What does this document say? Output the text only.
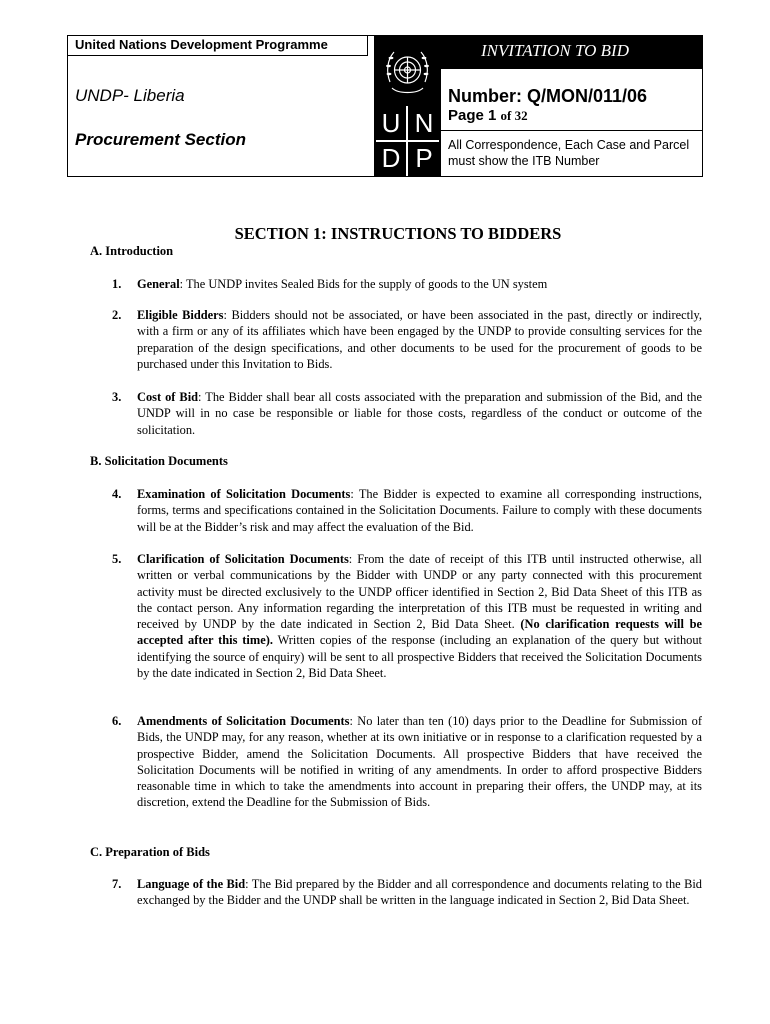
United Nations Development Programme
UNDP- Liberia
Procurement Section
U N
D P
INVITATION TO BID
Number: Q/MON/011/06
Page 1 of 32
All Correspondence, Each Case and Parcel must show the ITB Number
SECTION 1: INSTRUCTIONS TO BIDDERS
A. Introduction
1. General: The UNDP invites Sealed Bids for the supply of goods to the UN system
2. Eligible Bidders: Bidders should not be associated, or have been associated in the past, directly or indirectly, with a firm or any of its affiliates which have been engaged by the UNDP to provide consulting services for the preparation of the design specifications, and other documents to be used for the procurement of goods to be purchased under this Invitation to Bids.
3. Cost of Bid: The Bidder shall bear all costs associated with the preparation and submission of the Bid, and the UNDP will in no case be responsible or liable for those costs, regardless of the conduct or outcome of the solicitation.
B. Solicitation Documents
4. Examination of Solicitation Documents: The Bidder is expected to examine all corresponding instructions, forms, terms and specifications contained in the Solicitation Documents. Failure to comply with these documents will be at the Bidder’s risk and may affect the evaluation of the Bid.
5. Clarification of Solicitation Documents: From the date of receipt of this ITB until instructed otherwise, all written or verbal communications by the Bidder with UNDP or any party connected with this procurement activity must be directed exclusively to the UNDP officer identified in Section 2, Bid Data Sheet of this ITB as the contact person. Any information regarding the interpretation of this ITB must be requested in writing and received by UNDP by the date indicated in Section 2, Bid Data Sheet. (No clarification requests will be accepted after this time). Written copies of the response (including an explanation of the query but without identifying the source of enquiry) will be sent to all prospective Bidders that received the Solicitation Documents by the date indicated in Section 2, Bid Data Sheet.
6. Amendments of Solicitation Documents: No later than ten (10) days prior to the Deadline for Submission of Bids, the UNDP may, for any reason, whether at its own initiative or in response to a clarification requested by a prospective Bidder, amend the Solicitation Documents. All prospective Bidders that have received the Solicitation Documents will be notified in writing of any amendments. In order to afford prospective Bidders reasonable time in which to take the amendments into account in preparing their offers, the UNDP may, at its discretion, extend the Deadline for the Submission of Bids.
C. Preparation of Bids
7. Language of the Bid: The Bid prepared by the Bidder and all correspondence and documents relating to the Bid exchanged by the Bidder and the UNDP shall be written in the language indicated in Section 2, Bid Data Sheet.
